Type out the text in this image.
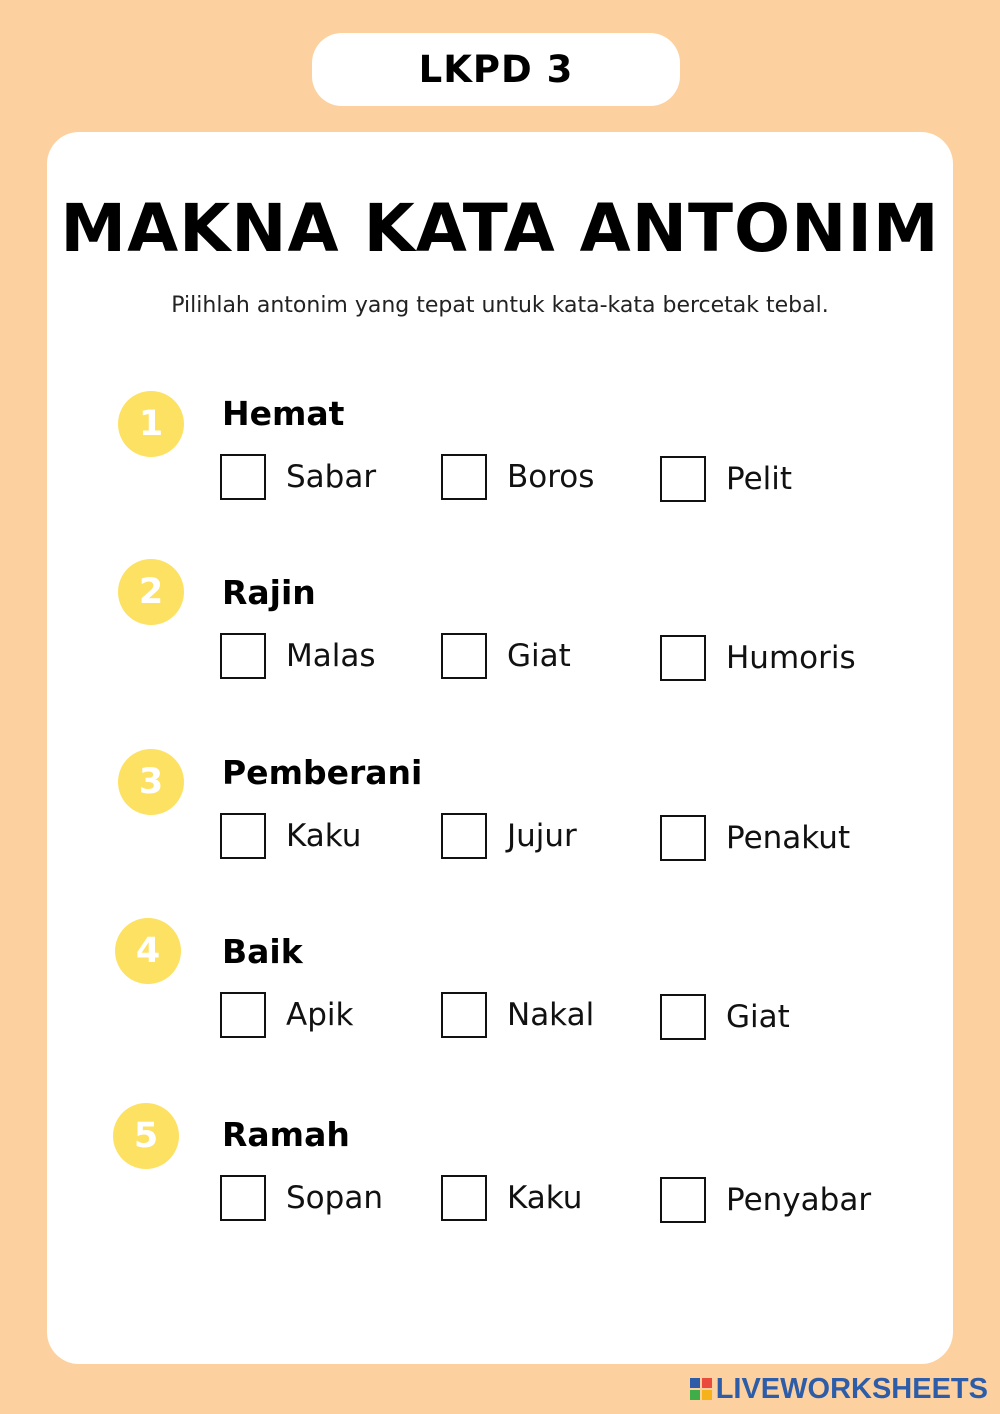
LKPD 3
MAKNA KATA ANTONIM
Pilihlah antonim yang tepat untuk kata-kata bercetak tebal.
1	Hemat
Sabar	Boros	Pelit
2	Rajin
Malas	Giat	Humoris
3	Pemberani
Kaku	Jujur	Penakut
4	Baik
Apik	Nakal	Giat
5	Ramah
Sopan	Kaku	Penyabar
LIVEWORKSHEETS
